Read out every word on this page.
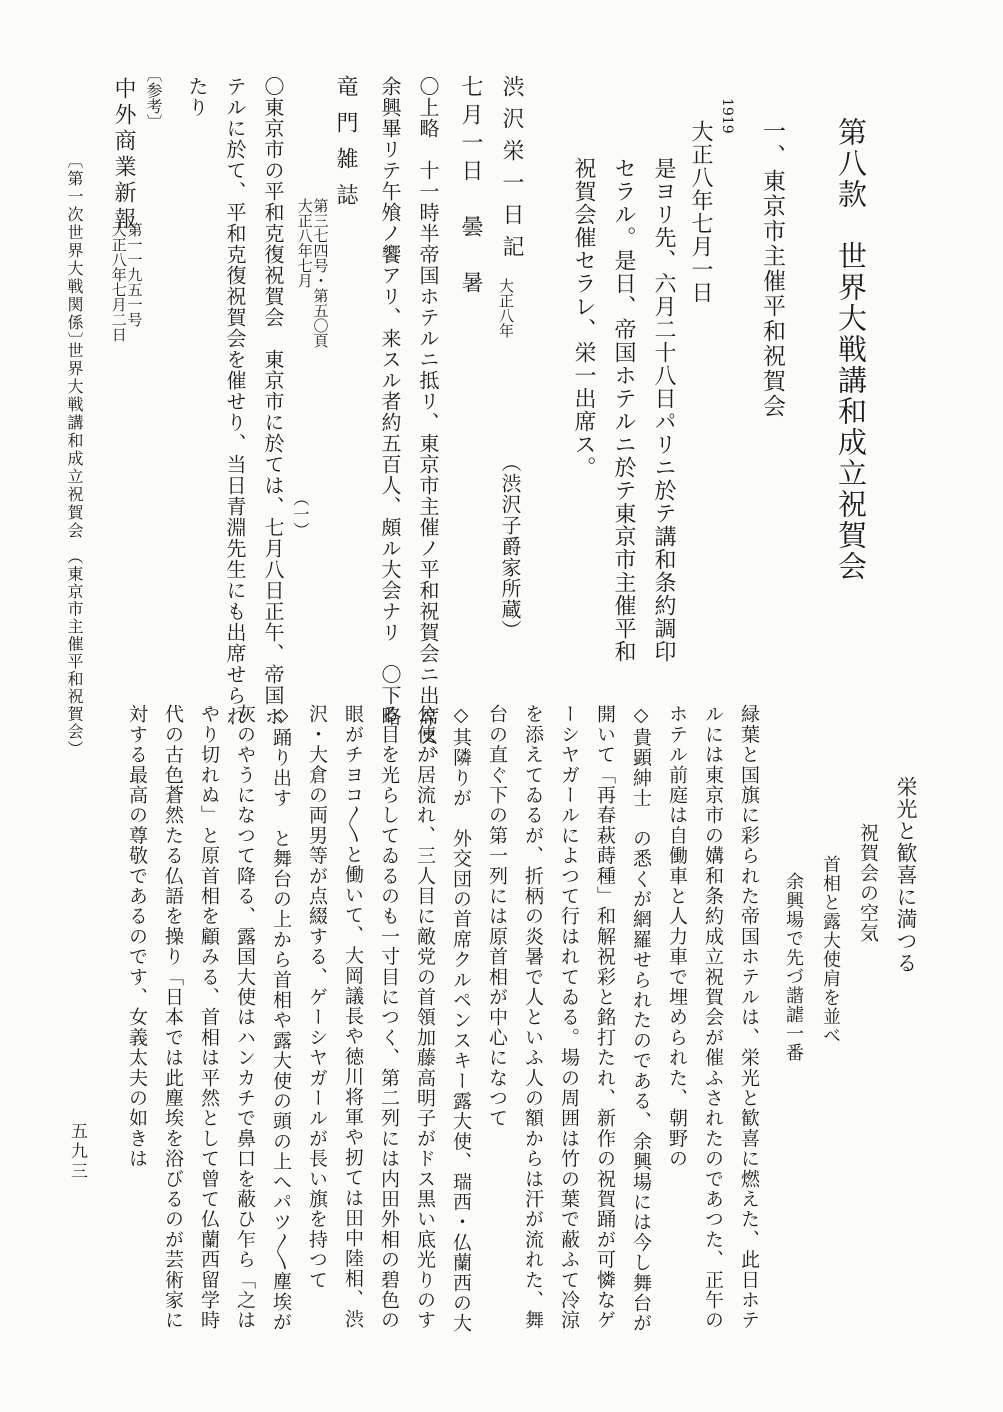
第八款　世界大戦講和成立祝賀会
一、東京市主催平和祝賀会
1919
大正八年七月一日
是ヨリ先、六月二十八日パリニ於テ講和条約調印
セラル。是日、帝国ホテルニ於テ東京市主催平和
祝賀会催セラレ、栄一出席ス。
渋沢栄一日記
大正八年
（渋沢子爵家所蔵）
七月一日　曇　暑
〇上略　十一時半帝国ホテルニ抵リ、東京市主催ノ平和祝賀会ニ出席ス、
余興畢リテ午飧ノ饗アリ、来スル者約五百人、頗ル大会ナリ　〇下略
竜門雑誌
第三七四号・第五〇頁
大正八年七月
〇東京市の平和克復祝賀会　東京市に於ては、七月八日正午、帝国ホ （一）
テルに於て、平和克復祝賀会を催せり、当日青淵先生にも出席せられ
たり
〔参考〕
中外商業新報
第一一九五一号
大正八年七月二日
栄光と歓喜に満つる
祝賀会の空気
首相と露大使肩を並べ
余興場で先づ諧謔一番
緑葉と国旗に彩られた帝国ホテルは、栄光と歓喜に燃えた、此日ホテ
ルには東京市の媾和条約成立祝賀会が催ふされたのであつた、正午の
ホテル前庭は自働車と人力車で埋められた、朝野の
◇貴顕紳士　の悉くが網羅せられたのである、余興場には今し舞台が
開いて「再春萩蒔種」和解祝彩と銘打たれ、新作の祝賀踊が可憐なゲ
ーシヤガールによつて行はれてゐる。場の周囲は竹の葉で蔽ふて冷涼
を添えてゐるが、折柄の炎暑で人といふ人の額からは汗が流れた、舞
台の直ぐ下の第一列には原首相が中心になつて
◇其隣りが　外交団の首席クルペンスキー露大使、瑞西・仏蘭西の大
公使が居流れ、三人目に敵党の首領加藤高明子がドス黒い底光りのす
る目を光らしてゐるのも一寸目につく、第二列には内田外相の碧色の
眼がチヨコ〳〵と働いて、大岡議長や徳川将軍や扨ては田中陸相、渋
沢・大倉の両男等が点綴する、ゲーシヤガールが長い旗を持つて
◇踊り出す　と舞台の上から首相や露大使の頭の上へパツ〳〵塵埃が
灰のやうになつて降る、露国大使はハンカチで鼻口を蔽ひ乍ら「之は
やり切れぬ」と原首相を顧みる、首相は平然として曾て仏蘭西留学時
代の古色蒼然たる仏語を操り「日本では此塵埃を浴びるのが芸術家に
対する最高の尊敬であるのです、女義太夫の如きは
〔第一次世界大戦関係〕
世界大戦講和成立祝賀会
（東京市主催平和祝賀会）
五九三
